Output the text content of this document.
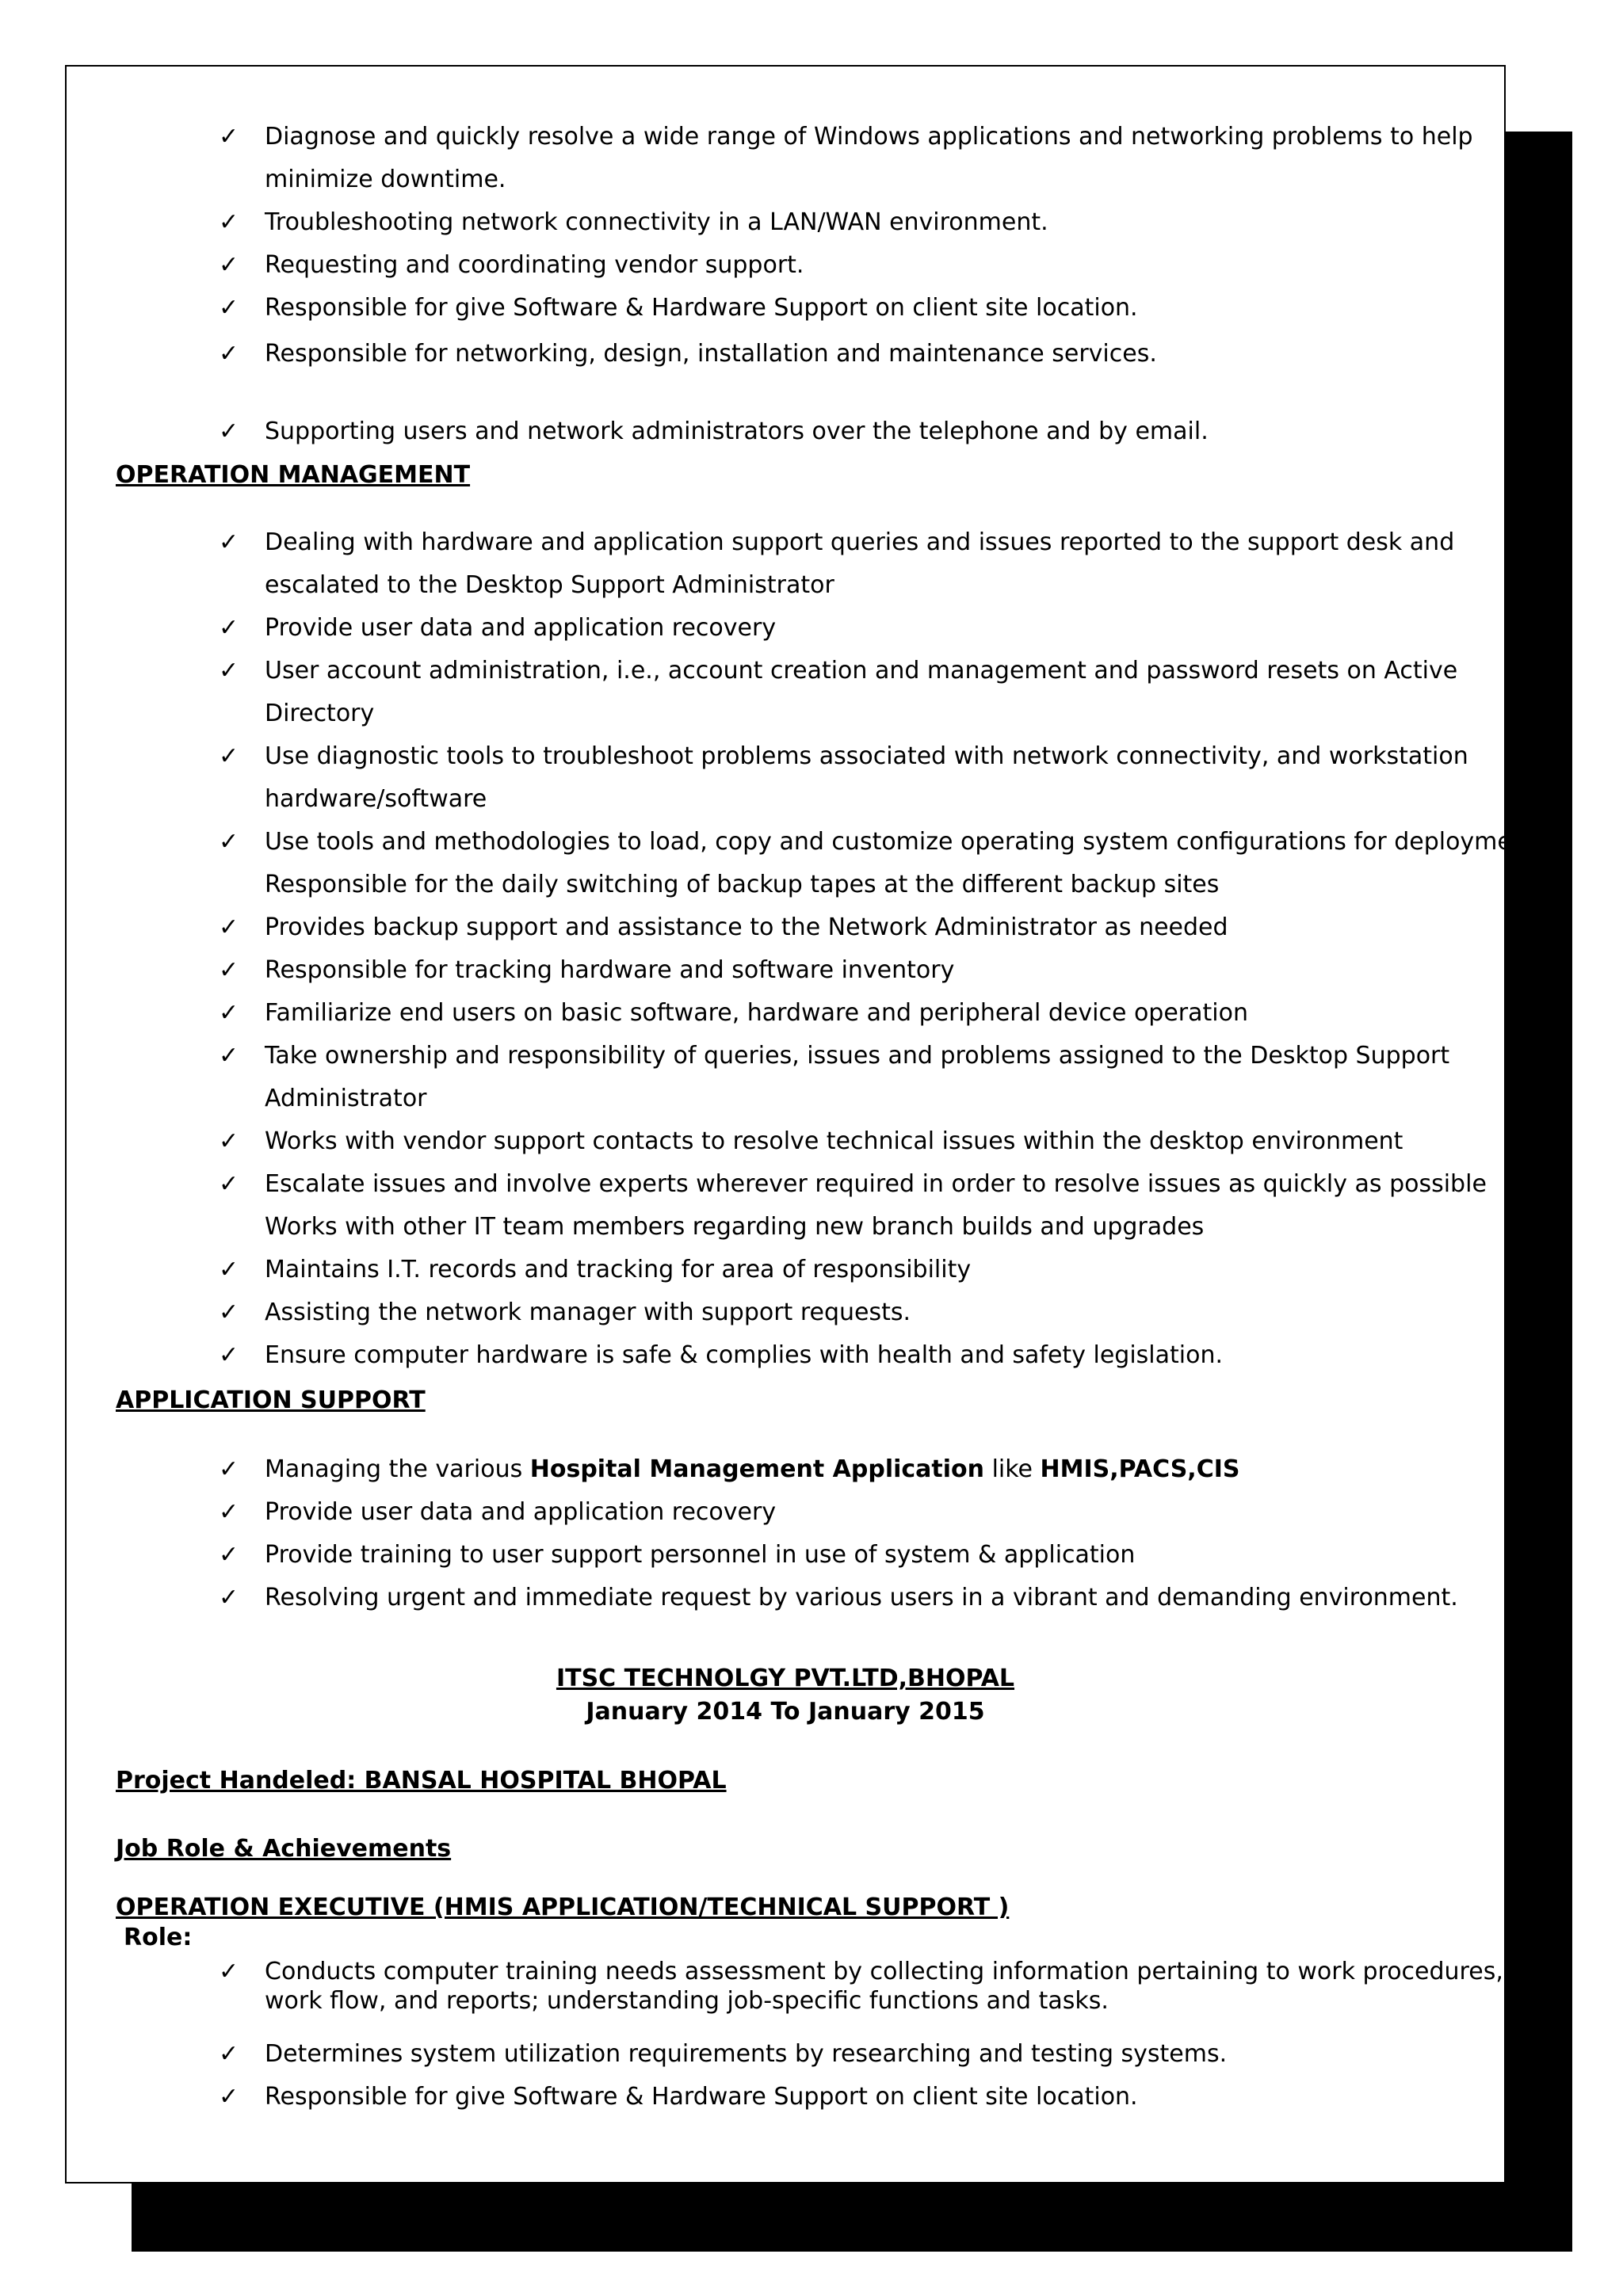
✓ Diagnose and quickly resolve a wide range of Windows applications and networking problems to help minimize downtime.
✓ Troubleshooting network connectivity in a LAN/WAN environment.
✓ Requesting and coordinating vendor support.
✓ Responsible for give Software & Hardware Support on client site location.
✓ Responsible for networking, design, installation and maintenance services.
✓ Supporting users and network administrators over the telephone and by email.
OPERATION MANAGEMENT
✓ Dealing with hardware and application support queries and issues reported to the support desk and escalated to the Desktop Support Administrator
✓ Provide user data and application recovery
✓ User account administration, i.e., account creation and management and password resets on Active Directory
✓ Use diagnostic tools to troubleshoot problems associated with network connectivity, and workstation hardware/software
✓ Use tools and methodologies to load, copy and customize operating system configurations for deployment Responsible for the daily switching of backup tapes at the different backup sites
✓ Provides backup support and assistance to the Network Administrator as needed
✓ Responsible for tracking hardware and software inventory
✓ Familiarize end users on basic software, hardware and peripheral device operation
✓ Take ownership and responsibility of queries, issues and problems assigned to the Desktop Support Administrator
✓ Works with vendor support contacts to resolve technical issues within the desktop environment
✓ Escalate issues and involve experts wherever required in order to resolve issues as quickly as possible Works with other IT team members regarding new branch builds and upgrades
✓ Maintains I.T. records and tracking for area of responsibility
✓ Assisting the network manager with support requests.
✓ Ensure computer hardware is safe & complies with health and safety legislation.
APPLICATION SUPPORT
✓ Managing the various Hospital Management Application like HMIS,PACS,CIS
✓ Provide user data and application recovery
✓ Provide training to user support personnel in use of system & application
✓ Resolving urgent and immediate request by various users in a vibrant and demanding environment.
ITSC TECHNOLGY PVT.LTD,BHOPAL
January 2014 To January 2015
Project Handeled: BANSAL HOSPITAL BHOPAL
Job Role & Achievements
OPERATION EXECUTIVE (HMIS APPLICATION/TECHNICAL SUPPORT )
Role:
✓ Conducts computer training needs assessment by collecting information pertaining to work procedures, work flow, and reports; understanding job-specific functions and tasks.
✓ Determines system utilization requirements by researching and testing systems.
✓ Responsible for give Software & Hardware Support on client site location.
